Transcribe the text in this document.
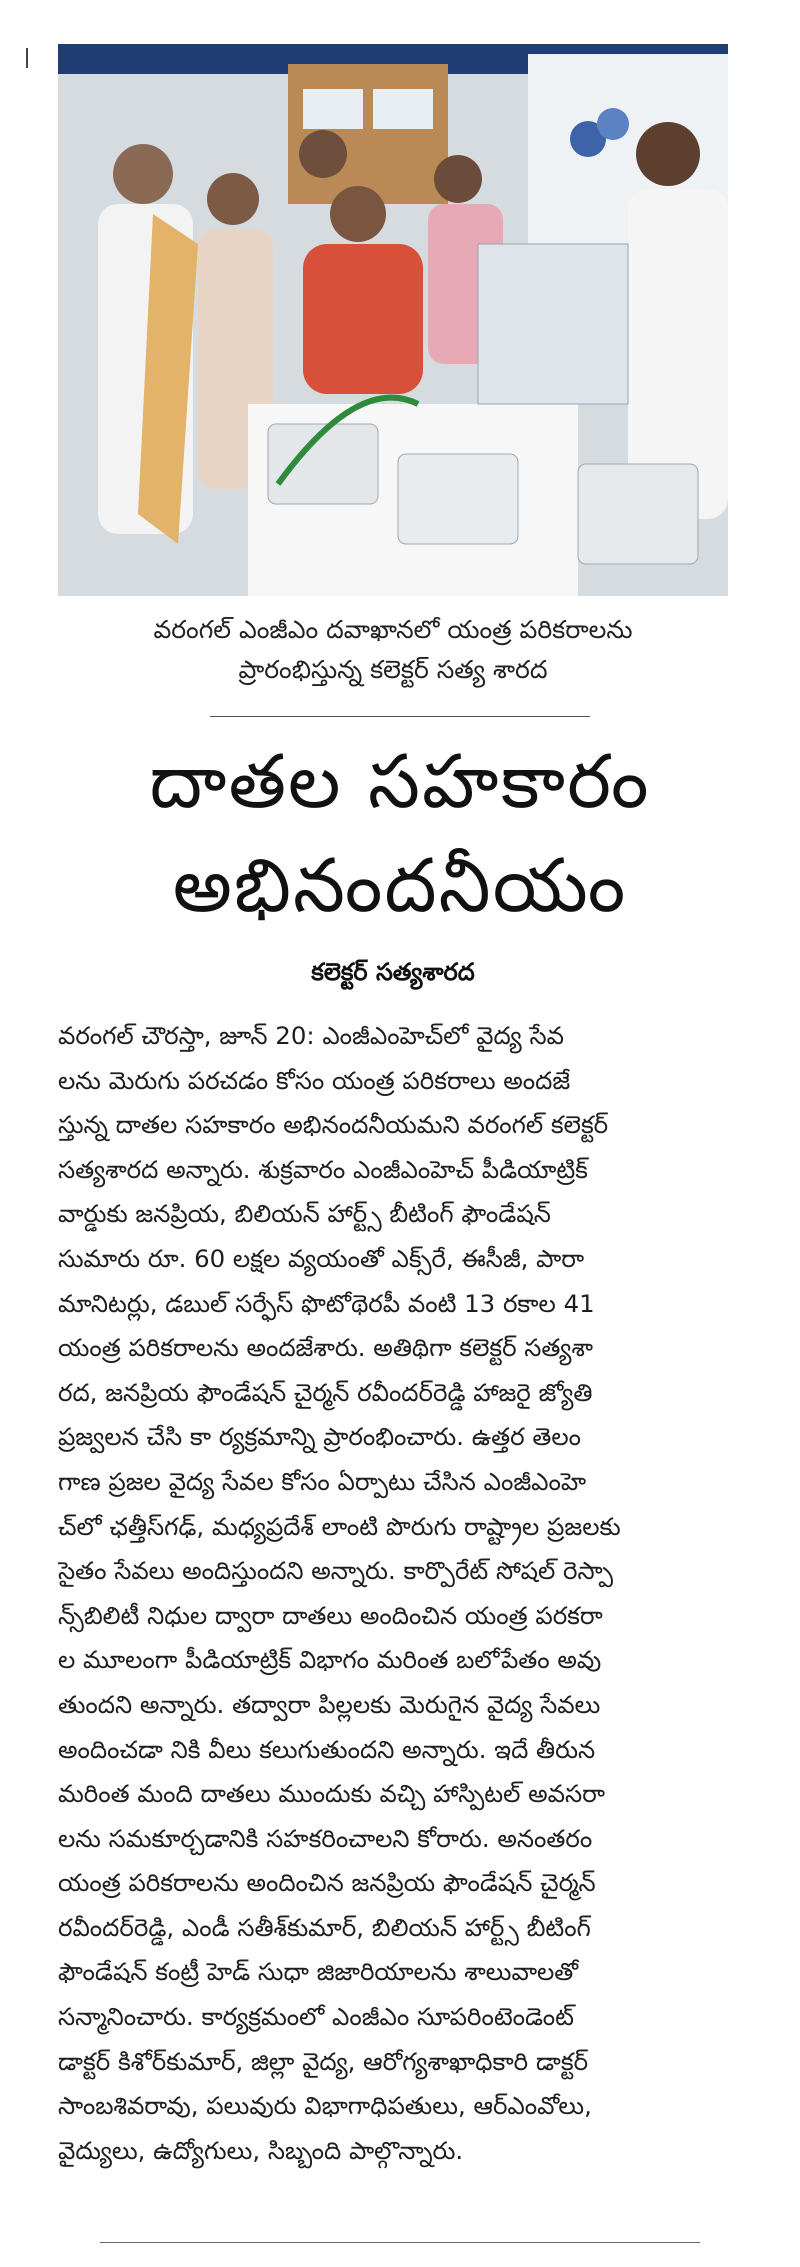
వరంగల్ ఎంజీఎం దవాఖానలో యంత్ర పరికరాలను
ప్రారంభిస్తున్న కలెక్టర్ సత్య శారద
దాతల సహకారం
అభినందనీయం
కలెక్టర్ సత్యశారద
వరంగల్ చౌరస్తా, జూన్ 20: ఎంజీఎంహెచ్‌లో వైద్య సేవ
లను మెరుగు పరచడం కోసం యంత్ర పరికరాలు అందజే
స్తున్న దాతల సహకారం అభినందనీయమని వరంగల్ కలెక్టర్
సత్యశారద అన్నారు. శుక్రవారం ఎంజీఎంహెచ్ పీడియాట్రిక్
వార్డుకు జనప్రియ, బిలియన్ హార్ట్స్ బీటింగ్ ఫౌండేషన్
సుమారు రూ. 60 లక్షల వ్యయంతో ఎక్స్‌రే, ఈసీజీ, పారా
మానిటర్లు, డబుల్ సర్ఫేస్ ఫొటోథెరపీ వంటి 13 రకాల 41
యంత్ర పరికరాలను అందజేశారు. అతిథిగా కలెక్టర్ సత్యశా
రద, జనప్రియ ఫౌండేషన్ చైర్మన్ రవీందర్‌రెడ్డి హాజరై జ్యోతి
ప్రజ్వలన చేసి కా ర్యక్రమాన్ని ప్రారంభించారు. ఉత్తర తెలం
గాణ ప్రజల వైద్య సేవల కోసం ఏర్పాటు చేసిన ఎంజీఎంహె
చ్‌లో ఛత్తీస్‌గఢ్, మధ్యప్రదేశ్ లాంటి పొరుగు రాష్ట్రాల ప్రజలకు
సైతం సేవలు అందిస్తుందని అన్నారు. కార్పొరేట్ సోషల్ రెస్పా
న్స్‌బిలిటీ నిధుల ద్వారా దాతలు అందించిన యంత్ర పరకరా
ల మూలంగా పీడియాట్రిక్ విభాగం మరింత బలోపేతం అవు
తుందని అన్నారు. తద్వారా పిల్లలకు మెరుగైన వైద్య సేవలు
అందించడా నికి వీలు కలుగుతుందని అన్నారు. ఇదే తీరున
మరింత మంది దాతలు ముందుకు వచ్చి హాస్పిటల్ అవసరా
లను సమకూర్చడానికి సహకరించాలని కోరారు. అనంతరం
యంత్ర పరికరాలను అందించిన జనప్రియ ఫౌండేషన్ చైర్మన్
రవీందర్‌రెడ్డి, ఎండీ సతీశ్‌కుమార్, బిలియన్ హార్ట్స్ బీటింగ్
ఫౌండేషన్ కంట్రీ హెడ్ సుధా జిజారియాలను శాలువాలతో
సన్మానించారు. కార్యక్రమంలో ఎంజీఎం సూపరింటెండెంట్
డాక్టర్ కిశోర్‌కుమార్, జిల్లా వైద్య, ఆరోగ్యశాఖాధికారి డాక్టర్
సాంబశివరావు, పలువురు విభాగాధిపతులు, ఆర్‌ఎంవోలు,
వైద్యులు, ఉద్యోగులు, సిబ్బంది పాల్గొన్నారు.
